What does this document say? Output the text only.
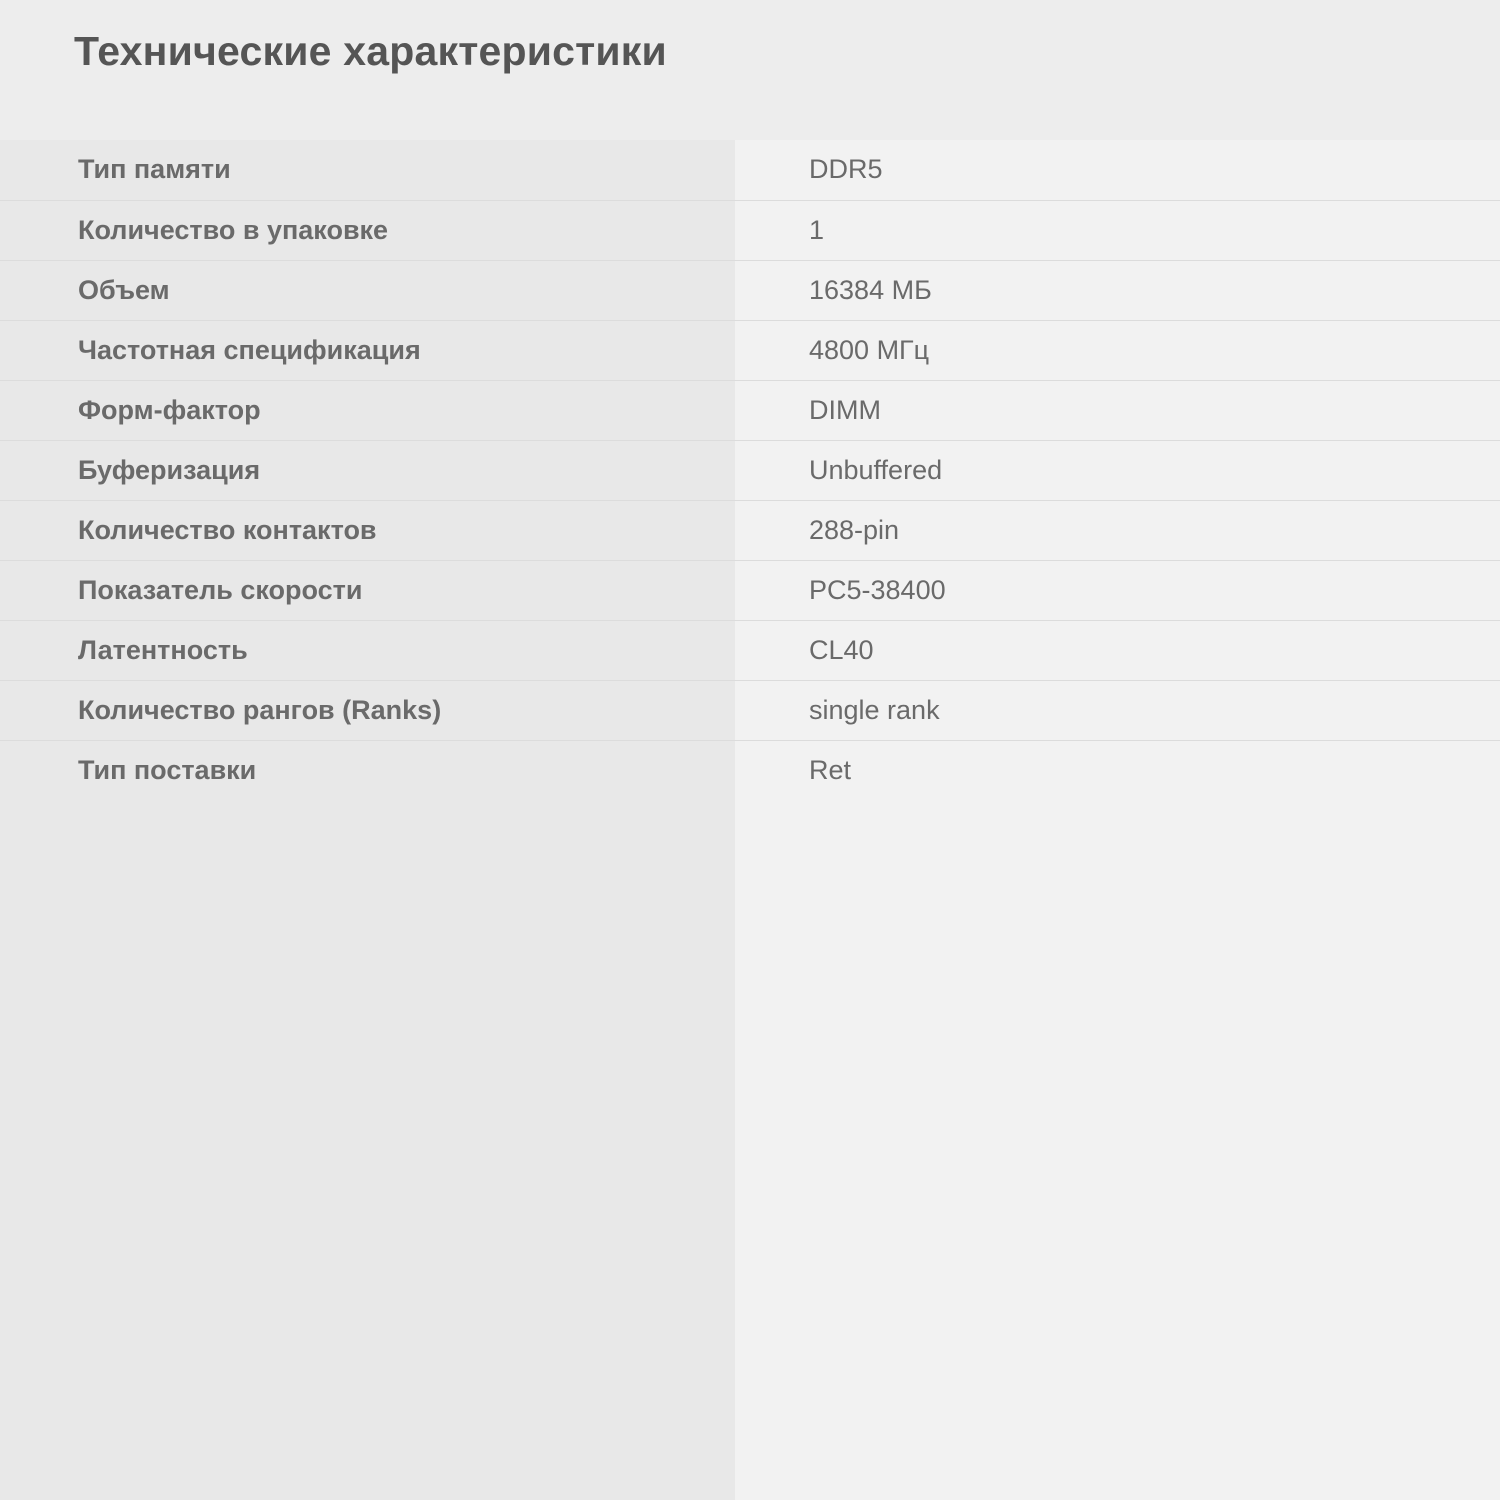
Технические характеристики
Тип памяти	DDR5
Количество в упаковке	1
Объем	16384 МБ
Частотная спецификация	4800 МГц
Форм-фактор	DIMM
Буферизация	Unbuffered
Количество контактов	288-pin
Показатель скорости	PC5-38400
Латентность	CL40
Количество рангов (Ranks)	single rank
Тип поставки	Ret
